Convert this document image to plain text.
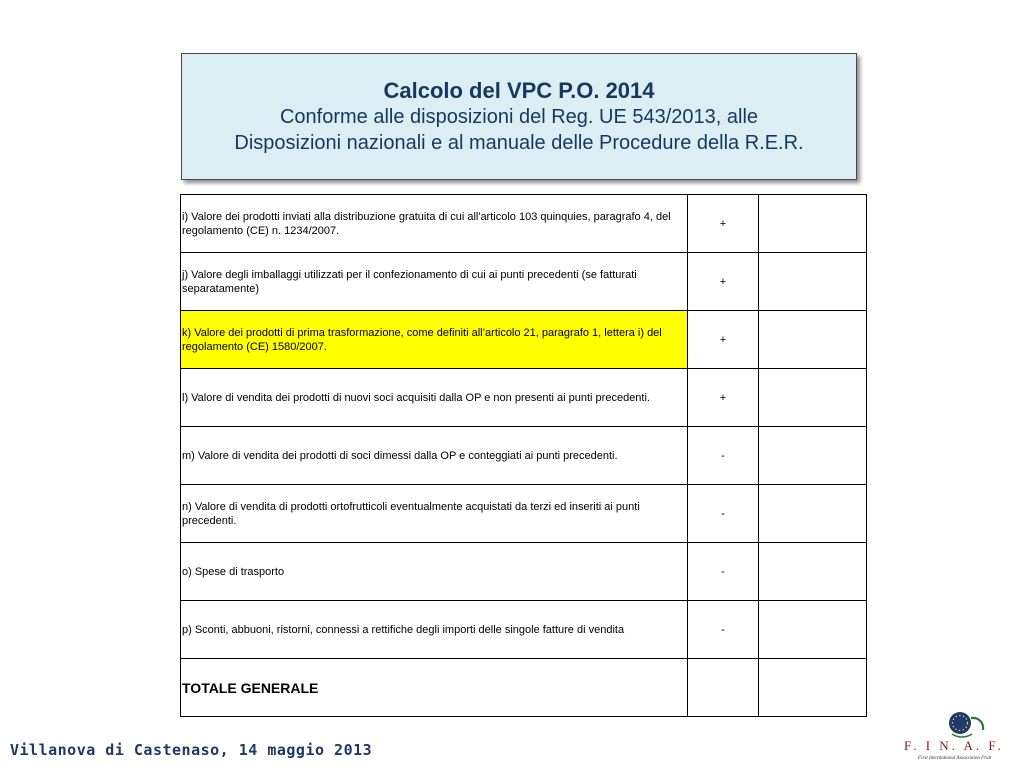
Calcolo del VPC P.O. 2014
Conforme alle disposizioni del Reg. UE 543/2013, alle
Disposizioni nazionali e al manuale delle Procedure della R.E.R.
i) Valore dei prodotti inviati alla distribuzione gratuita di cui all'articolo 103 quinquies, paragrafo 4, del regolamento (CE) n. 1234/2007.	+	
j) Valore degli imballaggi utilizzati per il confezionamento di cui ai punti precedenti (se fatturati separatamente)	+	
k) Valore dei prodotti di prima trasformazione, come definiti all’articolo 21, paragrafo 1, lettera i) del regolamento (CE) 1580/2007.	+	
l) Valore di vendita dei prodotti di nuovi soci acquisiti dalla OP e non presenti ai punti precedenti.	+	
m) Valore di vendita dei prodotti di soci dimessi dalla OP e conteggiati ai punti precedenti.	-	
n) Valore di vendita di prodotti ortofrutticoli eventualmente acquistati da terzi ed inseriti ai punti precedenti.	-	
o) Spese di trasporto	-	
p) Sconti, abbuoni, ristorni, connessi a rettifiche degli importi delle singole fatture di vendita	-	
TOTALE GENERALE		
Villanova di Castenaso, 14 maggio 2013	F. I N. A. F.
First International Association Fruit
